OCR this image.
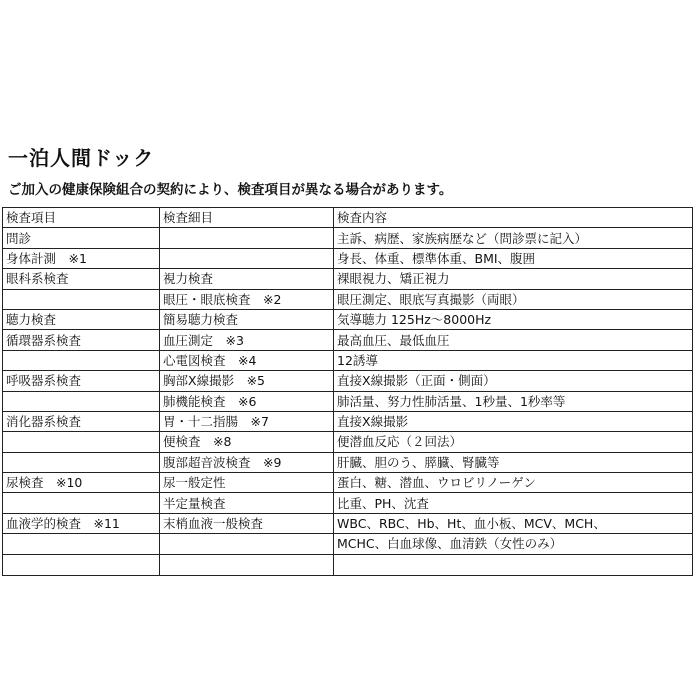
一泊人間ドック

ご加入の健康保険組合の契約により、検査項目が異なる場合があります。

検査項目	検査細目	検査内容
問診		主訴、病歴、家族病歴など（問診票に記入）
身体計測　※1		身長、体重、標準体重、BMI、腹囲
眼科系検査	視力検査	裸眼視力、矯正視力
	眼圧・眼底検査　※2	眼圧測定、眼底写真撮影（両眼）
聴力検査	簡易聴力検査	気導聴力 125Hz～8000Hz
循環器系検査	血圧測定　※3	最高血圧、最低血圧
	心電図検査　※4	12誘導
呼吸器系検査	胸部X線撮影　※5	直接X線撮影（正面・側面）
	肺機能検査　※6	肺活量、努力性肺活量、1秒量、1秒率等
消化器系検査	胃・十二指腸　※7	直接X線撮影
	便検査　※8	便潜血反応（２回法）
	腹部超音波検査　※9	肝臓、胆のう、膵臓、腎臓等
尿検査　※10	尿一般定性	蛋白、糖、潜血、ウロビリノーゲン
	半定量検査	比重、PH、沈査
血液学的検査　※11	末梢血液一般検査	WBC、RBC、Hb、Ht、血小板、MCV、MCH、
		MCHC、白血球像、血清鉄（女性のみ）
